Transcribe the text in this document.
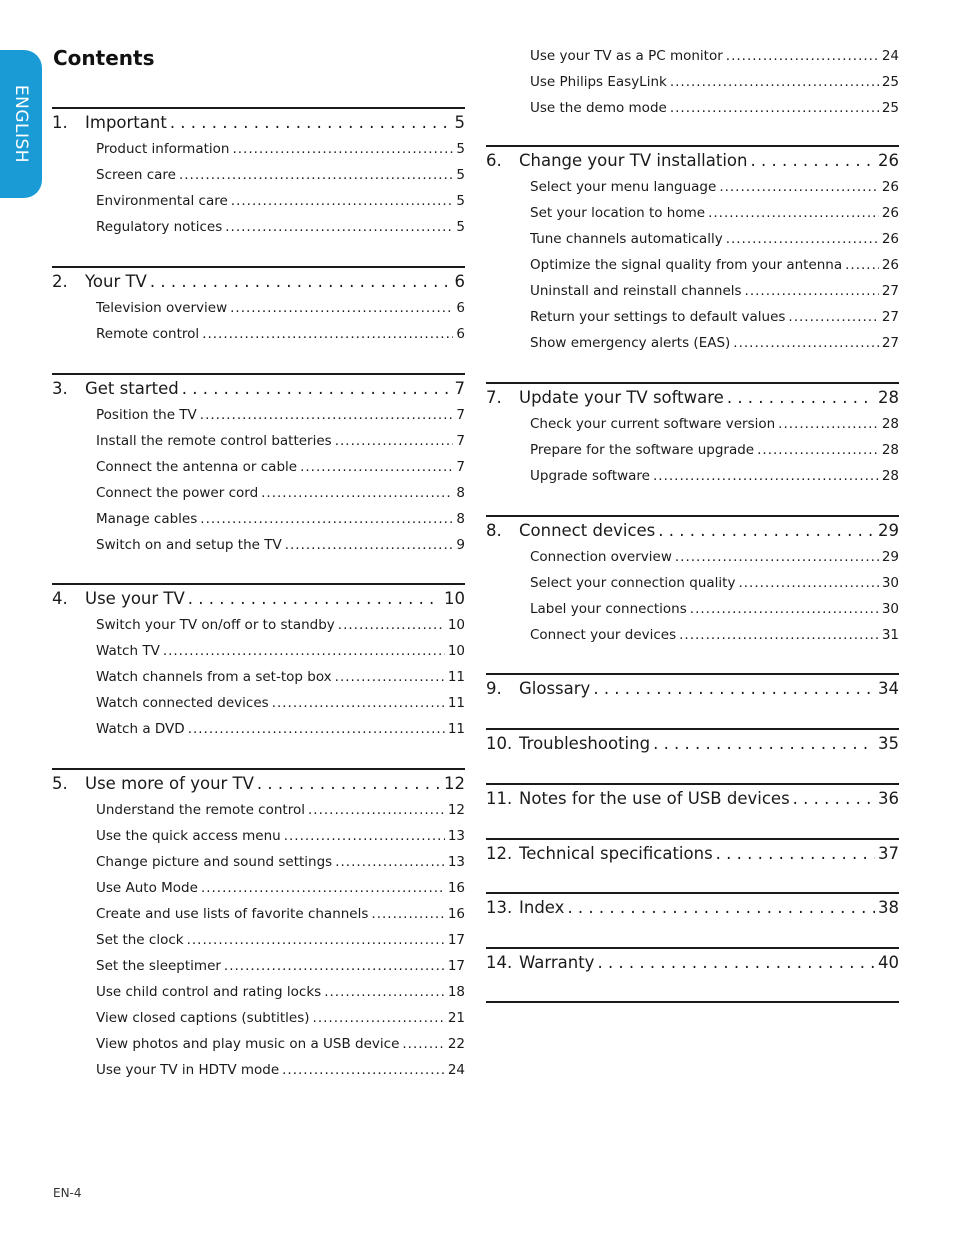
ENGLISH
Contents
1.	Important . . .	5
Product information .....	5
Screen care .....	5
Environmental care .....	5
Regulatory notices .....	5
2.	Your TV . . .	6
Television overview .....	6
Remote control .....	6
3.	Get started . . .	7
Position the TV .....	7
Install the remote control batteries .....	7
Connect the antenna or cable .....	7
Connect the power cord .....	8
Manage cables .....	8
Switch on and setup the TV .....	9
4.	Use your TV . . .	10
Switch your TV on/off or to standby .....	10
Watch TV .....	10
Watch channels from a set-top box .....	11
Watch connected devices .....	11
Watch a DVD .....	11
5.	Use more of your TV . . .	12
Understand the remote control .....	12
Use the quick access menu .....	13
Change picture and sound settings .....	13
Use Auto Mode .....	16
Create and use lists of favorite channels .....	16
Set the clock .....	17
Set the sleeptimer .....	17
Use child control and rating locks .....	18
View closed captions (subtitles) .....	21
View photos and play music on a USB device .....	22
Use your TV in HDTV mode .....	24
Use your TV as a PC monitor .....	24
Use Philips EasyLink .....	25
Use the demo mode .....	25
6.	Change your TV installation . . .	26
Select your menu language .....	26
Set your location to home .....	26
Tune channels automatically .....	26
Optimize the signal quality from your antenna .....	26
Uninstall and reinstall channels .....	27
Return your settings to default values .....	27
Show emergency alerts (EAS) .....	27
7.	Update your TV software . . .	28
Check your current software version .....	28
Prepare for the software upgrade .....	28
Upgrade software .....	28
8.	Connect devices . . .	29
Connection overview .....	29
Select your connection quality .....	30
Label your connections .....	30
Connect your devices .....	31
9.	Glossary . . .	34
10. Troubleshooting . . .	35
11. Notes for the use of USB devices . . .	36
12. Technical specifications . . .	37
13. Index . . .	38
14. Warranty . . .	40
EN-4
